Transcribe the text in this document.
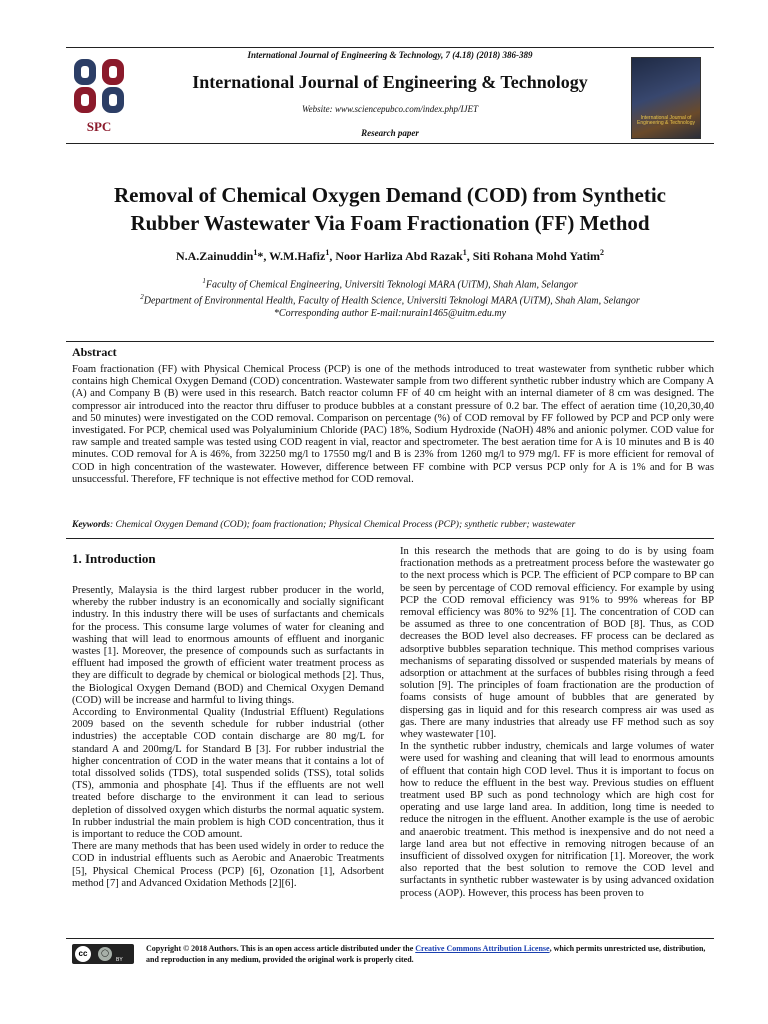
International Journal of Engineering & Technology, 7 (4.18) (2018) 386-389
SPC
International Journal of Engineering & Technology
Website: www.sciencepubco.com/index.php/IJET
Research paper
International Journal of Engineering & Technology
Removal of Chemical Oxygen Demand (COD) from Synthetic
Rubber Wastewater Via Foam Fractionation (FF) Method
N.A.Zainuddin$^1$*, W.M.Hafiz$^1$, Noor Harliza Abd Razak$^1$, Siti Rohana Mohd Yatim$^2$
$^1$Faculty of Chemical Engineering, Universiti Teknologi MARA (UiTM), Shah Alam, Selangor
$^2$Department of Environmental Health, Faculty of Health Science, Universiti Teknologi MARA (UiTM), Shah Alam, Selangor
*Corresponding author E-mail:nurain1465@uitm.edu.my
Abstract
Foam fractionation (FF) with Physical Chemical Process (PCP) is one of the methods introduced to treat wastewater from synthetic rubber which contains high Chemical Oxygen Demand (COD) concentration. Wastewater sample from two different synthetic rubber industry which are Company A (A) and Company B (B) were used in this research. Batch reactor column FF of 40 cm height with an internal diameter of 8 cm was designed. The compressor air introduced into the reactor thru diffuser to produce bubbles at a constant pressure of 0.2 bar. The effect of aeration time (10,20,30,40 and 50 minutes) were investigated on the COD removal. Comparison on percentage (%) of COD removal by FF followed by PCP and PCP only were investigated. For PCP, chemical used was Polyaluminium Chloride (PAC) 18%, Sodium Hydroxide (NaOH) 48% and anionic polymer. COD value for raw sample and treated sample was tested using COD reagent in vial, reactor and spectrometer. The best aeration time for A is 10 minutes and B is 40 minutes. COD removal for A is 46%, from 32250 mg/l to 17550 mg/l and B is 23% from 1260 mg/l to 979 mg/l. FF is more efficient for removal of COD in high concentration of the wastewater. However, difference between FF combine with PCP versus PCP only for A is 1% and for B was unsuccessful. Therefore, FF technique is not effective method for COD removal.
Keywords: Chemical Oxygen Demand (COD); foam fractionation; Physical Chemical Process (PCP); synthetic rubber; wastewater
1. Introduction

Presently, Malaysia is the third largest rubber producer in the world, whereby the rubber industry is an economically and socially significant industry. In this industry there will be uses of surfactants and chemicals for the process. This consume large volumes of water for cleaning and washing that will lead to enormous amounts of effluent and inorganic wastes [1]. Moreover, the presence of compounds such as surfactants in effluent had imposed the growth of efficient water treatment process as they are difficult to degrade by chemical or biological methods [2]. Thus, the Biological Oxygen Demand (BOD) and Chemical Oxygen Demand (COD) will be increase and harmful to living things.

According to Environmental Quality (Industrial Effluent) Regulations 2009 based on the seventh schedule for rubber industrial (other industries) the acceptable COD contain discharge are 80 mg/L for standard A and 200mg/L for Standard B [3]. For rubber industrial the higher concentration of COD in the water means that it contains a lot of total dissolved solids (TDS), total suspended solids (TSS), total solids (TS), ammonia and phosphate [4]. Thus if the effluents are not well treated before discharge to the environment it can lead to serious depletion of dissolved oxygen which disturbs the normal aquatic system. In rubber industrial the main problem is high COD concentration, thus it is important to reduce the COD amount.

There are many methods that has been used widely in order to reduce the COD in industrial effluents such as Aerobic and Anaerobic Treatments [5], Physical Chemical Process (PCP) [6], Ozonation [1], Adsorbent method [7] and Advanced Oxidation Methods [2][6].

In this research the methods that are going to do is by using foam fractionation methods as a pretreatment process before the wastewater go to the next process which is PCP. The efficient of PCP compare to BP can be seen by percentage of COD removal efficiency. For example by using PCP the COD removal efficiency was 91% to 99% whereas for BP removal efficiency was 80% to 92% [1]. The concentration of COD can be assumed as three to one concentration of BOD [8]. Thus, as COD decreases the BOD level also decreases. FF process can be declared as adsorptive bubbles separation technique. This method comprises various mechanisms of separating dissolved or suspended materials by means of adsorption or attachment at the surfaces of bubbles rising through a feed solution [9]. The principles of foam fractionation are the production of foams consists of huge amount of bubbles that are generated by dispersing gas in liquid and for this research compress air was used as gas. There are many industries that already use FF method such as soy whey wastewater [10].

In the synthetic rubber industry, chemicals and large volumes of water were used for washing and cleaning that will lead to enormous amounts of effluent that contain high COD level. Thus it is important to focus on how to reduce the effluent in the best way. Previous studies on effluent treatment used BP such as pond technology which are high cost for operating and use large land area. In addition, long time is needed to reduce the nitrogen in the effluent. Another example is the use of aerobic and anaerobic treatment. This method is inexpensive and do not need a large land area but not effective in removing nitrogen because of an insufficient of dissolved oxygen for nitrification [1]. Moreover, the work also reported that the best solution to remove the COD level and surfactants in synthetic rubber wastewater is by using advanced oxidation process (AOP). However, this process has been proven to

cc	◯
BY
Copyright © 2018 Authors. This is an open access article distributed under the Creative Commons Attribution License, which permits unrestricted use, distribution, and reproduction in any medium, provided the original work is properly cited.
